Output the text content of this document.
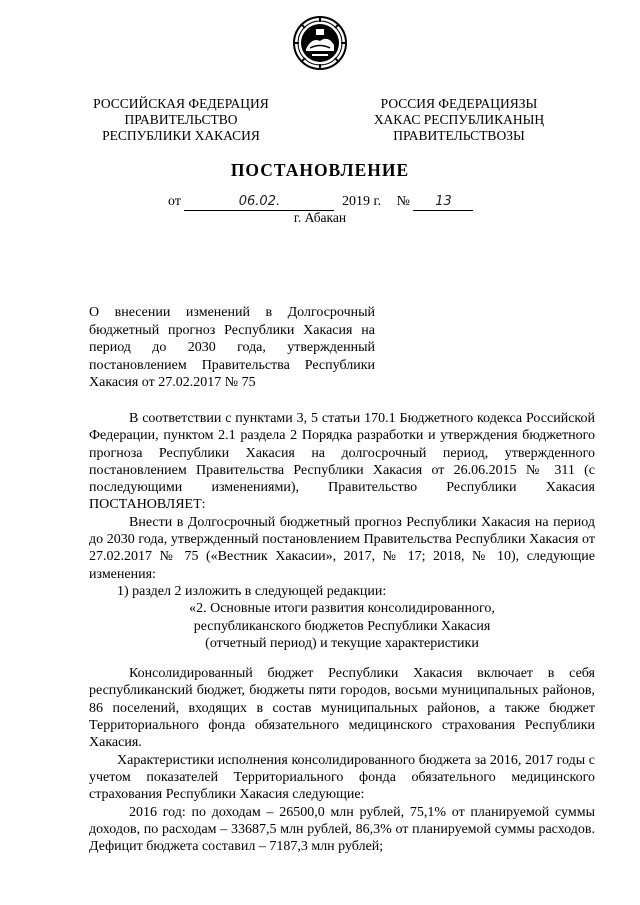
РОССИЙСКАЯ ФЕДЕРАЦИЯ
ПРАВИТЕЛЬСТВО
РЕСПУБЛИКИ ХАКАСИЯ
РОССИЯ ФЕДЕРАЦИЯЗЫ
ХАКАС РЕСПУБЛИКАНЫҢ
ПРАВИТЕЛЬСТВОЗЫ
ПОСТАНОВЛЕНИЕ
от	06.02.	2019 г. № 13
г. Абакан
О внесении изменений в Долгосрочный бюджетный прогноз Республики Хакасия на период до 2030 года, утвержденный постановлением Правительства Республики Хакасия от 27.02.2017 № 75

В соответствии с пунктами 3, 5 статьи 170.1 Бюджетного кодекса Российской Федерации, пунктом 2.1 раздела 2 Порядка разработки и утверждения бюджетного прогноза Республики Хакасия на долгосрочный период, утвержденного постановлением Правительства Республики Хакасия от 26.06.2015 № 311 (с последующими изменениями), Правительство Республики Хакасия ПОСТАНОВЛЯЕТ:

Внести в Долгосрочный бюджетный прогноз Республики Хакасия на период до 2030 года, утвержденный постановлением Правительства Республики Хакасия от 27.02.2017 № 75 («Вестник Хакасии», 2017, № 17; 2018, № 10), следующие изменения:

1) раздел 2 изложить в следующей редакции:

«2. Основные итоги развития консолидированного,

республиканского бюджетов Республики Хакасия

(отчетный период) и текущие характеристики

Консолидированный бюджет Республики Хакасия включает в себя республиканский бюджет, бюджеты пяти городов, восьми муниципальных районов, 86 поселений, входящих в состав муниципальных районов, а также бюджет Территориального фонда обязательного медицинского страхования Республики Хакасия.

Характеристики исполнения консолидированного бюджета за 2016, 2017 годы с учетом показателей Территориального фонда обязательного медицинского страхования Республики Хакасия следующие:

2016 год: по доходам – 26500,0 млн рублей, 75,1% от планируемой суммы доходов, по расходам – 33687,5 млн рублей, 86,3% от планируемой суммы расходов. Дефицит бюджета составил – 7187,3 млн рублей;
